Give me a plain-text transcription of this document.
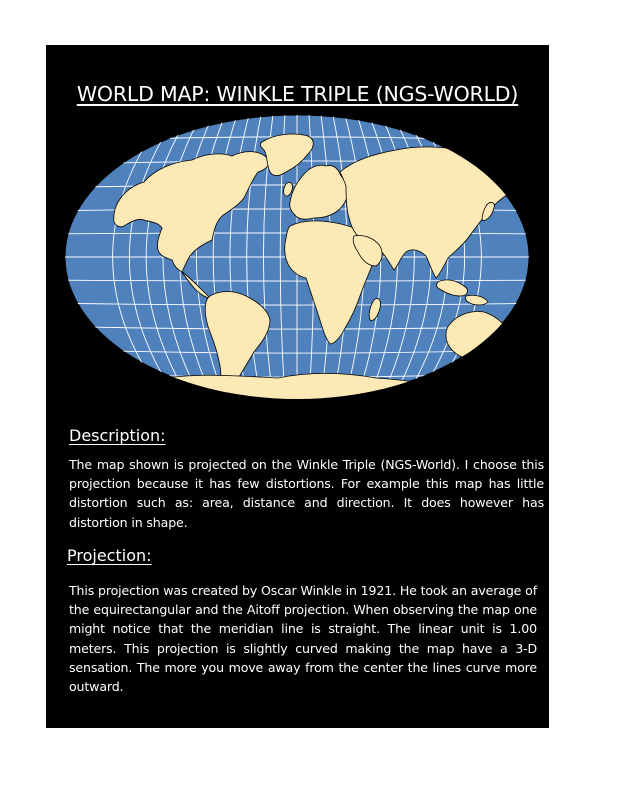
WORLD MAP: WINKLE TRIPLE (NGS-WORLD)
Description:
The map shown is projected on the Winkle Triple (NGS-World). I choose this projection because it has few distortions. For example this map has little distortion such as: area, distance and direction. It does however has distortion in shape.
Projection:
This projection was created by Oscar Winkle in 1921. He took an average of the equirectangular and the Aitoff projection. When observing the map one might notice that the meridian line is straight. The linear unit is 1.00 meters. This projection is slightly curved making the map have a 3-D sensation. The more you move away from the center the lines curve more outward.
